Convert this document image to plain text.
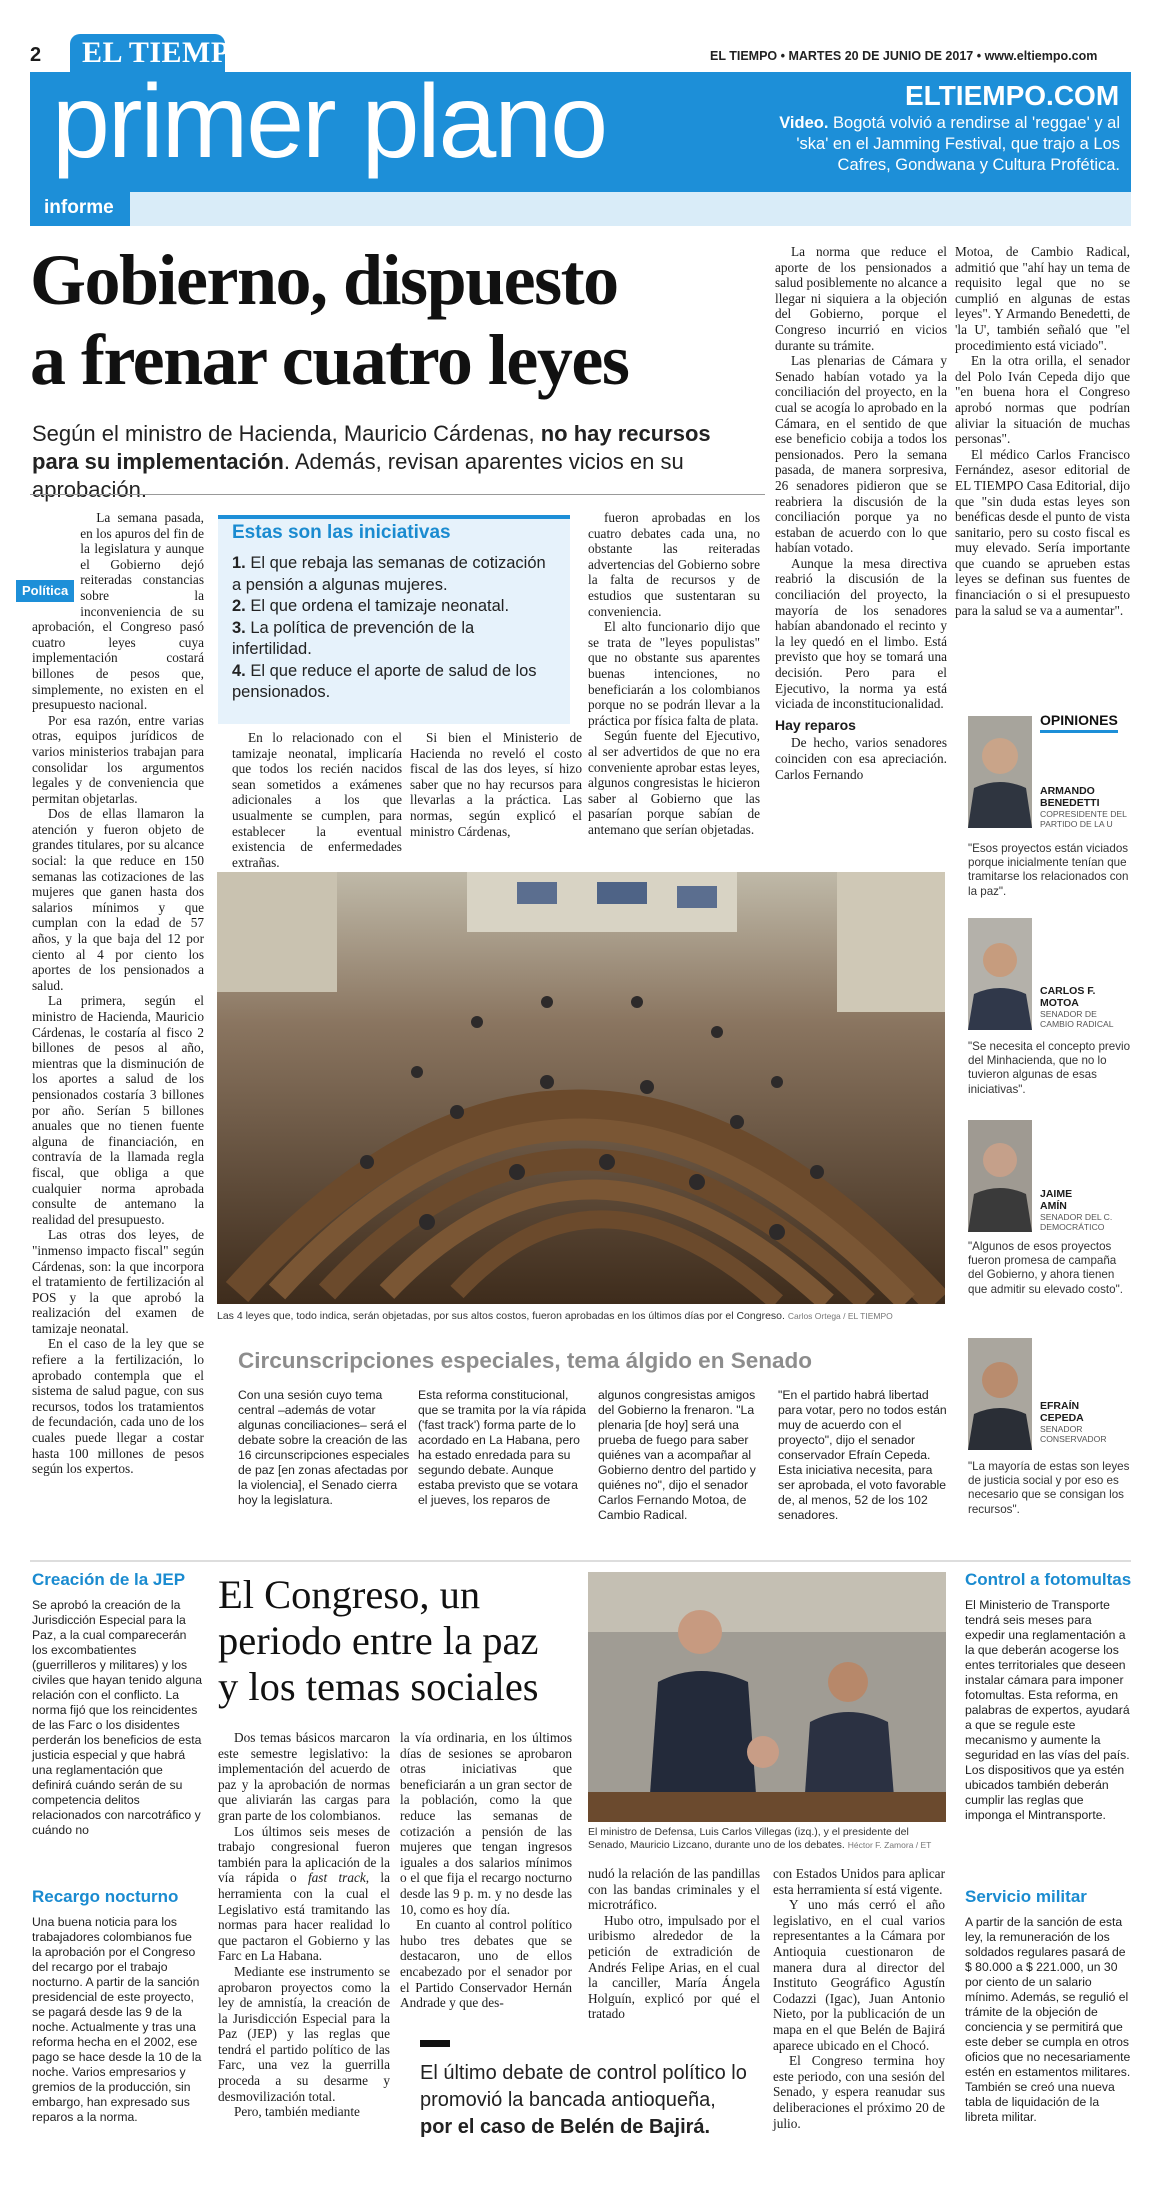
2 EL TIEMPO	EL TIEMPO • MARTES 20 DE JUNIO DE 2017 • www.eltiempo.com
primer plano	ELTIEMPO.COM
Video. Bogotá volvió a rendirse al 'reggae' y al 'ska' en el Jamming Festival, que trajo a Los Cafres, Gondwana y Cultura Profética.
informe
Gobierno, dispuesto
a frenar cuatro leyes
Según el ministro de Hacienda, Mauricio Cárdenas, no hay recursos para su implementación. Además, revisan aparentes vicios en su aprobación.

Política
La semana pasada, en los apuros del fin de la legislatura y aunque el Gobierno dejó reiteradas constancias sobre la inconveniencia de su aprobación, el Congreso pasó cuatro leyes cuya implementación costará billones de pesos que, simplemente, no existen en el presupuesto nacional.

Por esa razón, entre varias otras, equipos jurídicos de varios ministerios trabajan para consolidar los argumentos legales y de conveniencia que permitan objetarlas.

Dos de ellas llamaron la atención y fueron objeto de grandes titulares, por su alcance social: la que reduce en 150 semanas las cotizaciones de las mujeres que ganen hasta dos salarios mínimos y que cumplan con la edad de 57 años, y la que baja del 12 por ciento al 4 por ciento los aportes de los pensionados a salud.

La primera, según el ministro de Hacienda, Mauricio Cárdenas, le costaría al fisco 2 billones de pesos al año, mientras que la disminución de los aportes a salud de los pensionados costaría 3 billones por año. Serían 5 billones anuales que no tienen fuente alguna de financiación, en contravía de la llamada regla fiscal, que obliga a que cualquier norma aprobada consulte de antemano la realidad del presupuesto.

Las otras dos leyes, de "inmenso impacto fiscal" según Cárdenas, son: la que incorpora el tratamiento de fertilización al POS y la que aprobó la realización del examen de tamizaje neonatal.

En el caso de la ley que se refiere a la fertilización, lo aprobado contempla que el sistema de salud pague, con sus recursos, todos los tratamientos de fecundación, cada uno de los cuales puede llegar a costar hasta 100 millones de pesos según los expertos.

Estas son las iniciativas
1. El que rebaja las semanas de cotización a pensión a algunas mujeres.
2. El que ordena el tamizaje neonatal.
3. La política de prevención de la infertilidad.
4. El que reduce el aporte de salud de los pensionados.

En lo relacionado con el tamizaje neonatal, implicaría que todos los recién nacidos sean sometidos a exámenes adicionales a los que usualmente se cumplen, para establecer la eventual existencia de enfermedades extrañas.

Si bien el Ministerio de Hacienda no reveló el costo fiscal de las dos leyes, sí hizo saber que no hay recursos para llevarlas a la práctica. Las normas, según explicó el ministro Cárdenas,

fueron aprobadas en los cuatro debates cada una, no obstante las reiteradas advertencias del Gobierno sobre la falta de recursos y de estudios que sustentaran su conveniencia.

El alto funcionario dijo que se trata de "leyes populistas" que no obstante sus aparentes buenas intenciones, no beneficiarán a los colombianos porque no se podrán llevar a la práctica por física falta de plata.

Según fuente del Ejecutivo, al ser advertidos de que no era conveniente aprobar estas leyes, algunos congresistas le hicieron saber al Gobierno que las pasarían porque sabían de antemano que serían objetadas.

La norma que reduce el aporte de los pensionados a salud posiblemente no alcance a llegar ni siquiera a la objeción del Gobierno, porque el Congreso incurrió en vicios durante su trámite.

Las plenarias de Cámara y Senado habían votado ya la conciliación del proyecto, en la cual se acogía lo aprobado en la Cámara, en el sentido de que ese beneficio cobija a todos los pensionados. Pero la semana pasada, de manera sorpresiva, 26 senadores pidieron que se reabriera la discusión de la conciliación porque ya no estaban de acuerdo con lo que habían votado.

Aunque la mesa directiva reabrió la discusión de la conciliación del proyecto, la mayoría de los senadores habían abandonado el recinto y la ley quedó en el limbo. Está previsto que hoy se tomará una decisión. Pero para el Ejecutivo, la norma ya está viciada de inconstitucionalidad.

Hay reparos

De hecho, varios senadores coinciden con esa apreciación. Carlos Fernando

Motoa, de Cambio Radical, admitió que "ahí hay un tema de requisito legal que no se cumplió en algunas de estas leyes". Y Armando Benedetti, de 'la U', también señaló que "el procedimiento está viciado".

En la otra orilla, el senador del Polo Iván Cepeda dijo que "en buena hora el Congreso aprobó normas que podrían aliviar la situación de muchas personas".

El médico Carlos Francisco Fernández, asesor editorial de EL TIEMPO Casa Editorial, dijo que "sin duda estas leyes son benéficas desde el punto de vista sanitario, pero su costo fiscal es muy elevado. Sería importante que cuando se aprueben estas leyes se definan sus fuentes de financiación o si el presupuesto para la salud se va a aumentar".

Las 4 leyes que, todo indica, serán objetadas, por sus altos costos, fueron aprobadas en los últimos días por el Congreso. Carlos Ortega / EL TIEMPO
OPINIONES
ARMANDO
BENEDETTI
COPRESIDENTE DEL PARTIDO DE LA U
"Esos proyectos están viciados porque inicialmente tenían que tramitarse los relacionados con la paz".
CARLOS F.
MOTOA
SENADOR DE CAMBIO RADICAL
"Se necesita el concepto previo del Minhacienda, que no lo tuvieron algunas de esas iniciativas".
JAIME
AMÍN
SENADOR DEL C. DEMOCRÁTICO
"Algunos de esos proyectos fueron promesa de campaña del Gobierno, y ahora tienen que admitir su elevado costo".
EFRAÍN
CEPEDA
SENADOR CONSERVADOR
"La mayoría de estas son leyes de justicia social y por eso es necesario que se consigan los recursos".
Circunscripciones especiales, tema álgido en Senado
Con una sesión cuyo tema central –además de votar algunas conciliaciones– será el debate sobre la creación de las 16 circunscripciones especiales de paz [en zonas afectadas por la violencia], el Senado cierra hoy la legislatura.
Esta reforma constitucional, que se tramita por la vía rápida ('fast track') forma parte de lo acordado en La Habana, pero ha estado enredada para su segundo debate. Aunque estaba previsto que se votara el jueves, los reparos de
algunos congresistas amigos del Gobierno la frenaron. "La plenaria [de hoy] será una prueba de fuego para saber quiénes van a acompañar al Gobierno dentro del partido y quiénes no", dijo el senador Carlos Fernando Motoa, de Cambio Radical.
"En el partido habrá libertad para votar, pero no todos están muy de acuerdo con el proyecto", dijo el senador conservador Efraín Cepeda. Esta iniciativa necesita, para ser aprobada, el voto favorable de, al menos, 52 de los 102 senadores.
Creación de la JEP
Se aprobó la creación de la Jurisdicción Especial para la Paz, a la cual comparecerán los excombatientes (guerrilleros y militares) y los civiles que hayan tenido alguna relación con el conflicto. La norma fijó que los reincidentes de las Farc o los disidentes perderán los beneficios de esta justicia especial y que habrá una reglamentación que definirá cuándo serán de su competencia delitos relacionados con narcotráfico y cuándo no
Recargo nocturno
Una buena noticia para los trabajadores colombianos fue la aprobación por el Congreso del recargo por el trabajo nocturno. A partir de la sanción presidencial de este proyecto, se pagará desde las 9 de la noche. Actualmente y tras una reforma hecha en el 2002, ese pago se hace desde la 10 de la noche. Varios empresarios y gremios de la producción, sin embargo, han expresado sus reparos a la norma.
El Congreso, un
periodo entre la paz
y los temas sociales
El ministro de Defensa, Luis Carlos Villegas (izq.), y el presidente del Senado, Mauricio Lizcano, durante uno de los debates. Héctor F. Zamora / ET

Dos temas básicos marcaron este semestre legislativo: la implementación del acuerdo de paz y la aprobación de normas que aliviarán las cargas para gran parte de los colombianos.

Los últimos seis meses de trabajo congresional fueron también para la aplicación de la vía rápida o fast track, la herramienta con la cual el Legislativo está tramitando las normas para hacer realidad lo que pactaron el Gobierno y las Farc en La Habana.

Mediante ese instrumento se aprobaron proyectos como la ley de amnistía, la creación de la Jurisdicción Especial para la Paz (JEP) y las reglas que tendrá el partido político de las Farc, una vez la guerrilla proceda a su desarme y desmovilización total.

Pero, también mediante

la vía ordinaria, en los últimos días de sesiones se aprobaron otras iniciativas que beneficiarán a un gran sector de la población, como la que reduce las semanas de cotización a pensión de las mujeres que tengan ingresos iguales a dos salarios mínimos o el que fija el recargo nocturno desde las 9 p. m. y no desde las 10, como es hoy día.

En cuanto al control político hubo tres debates que se destacaron, uno de ellos encabezado por el senador por el Partido Conservador Hernán Andrade y que des-

nudó la relación de las pandillas con las bandas criminales y el microtráfico.

Hubo otro, impulsado por el uribismo alrededor de la petición de extradición de Andrés Felipe Arias, en el cual la canciller, María Ángela Holguín, explicó por qué el tratado

con Estados Unidos para aplicar esta herramienta sí está vigente.

Y uno más cerró el año legislativo, en el cual varios representantes a la Cámara por Antioquia cuestionaron de manera dura al director del Instituto Geográfico Agustín Codazzi (Igac), Juan Antonio Nieto, por la publicación de un mapa en el que Belén de Bajirá aparece ubicado en el Chocó.

El Congreso termina hoy este periodo, con una sesión del Senado, y espera reanudar sus deliberaciones el próximo 20 de julio.

El último debate de control político lo promovió la bancada antioqueña, por el caso de Belén de Bajirá.
Control a fotomultas
El Ministerio de Transporte tendrá seis meses para expedir una reglamentación a la que deberán acogerse los entes territoriales que deseen instalar cámara para imponer fotomultas. Esta reforma, en palabras de expertos, ayudará a que se regule este mecanismo y aumente la seguridad en las vías del país. Los dispositivos que ya estén ubicados también deberán cumplir las reglas que imponga el Mintransporte.
Servicio militar
A partir de la sanción de esta ley, la remuneración de los soldados regulares pasará de $ 80.000 a $ 221.000, un 30 por ciento de un salario mínimo. Además, se regulió el trámite de la objeción de conciencia y se permitirá que este deber se cumpla en otros oficios que no necesariamente estén en estamentos militares. También se creó una nueva tabla de liquidación de la libreta militar.
